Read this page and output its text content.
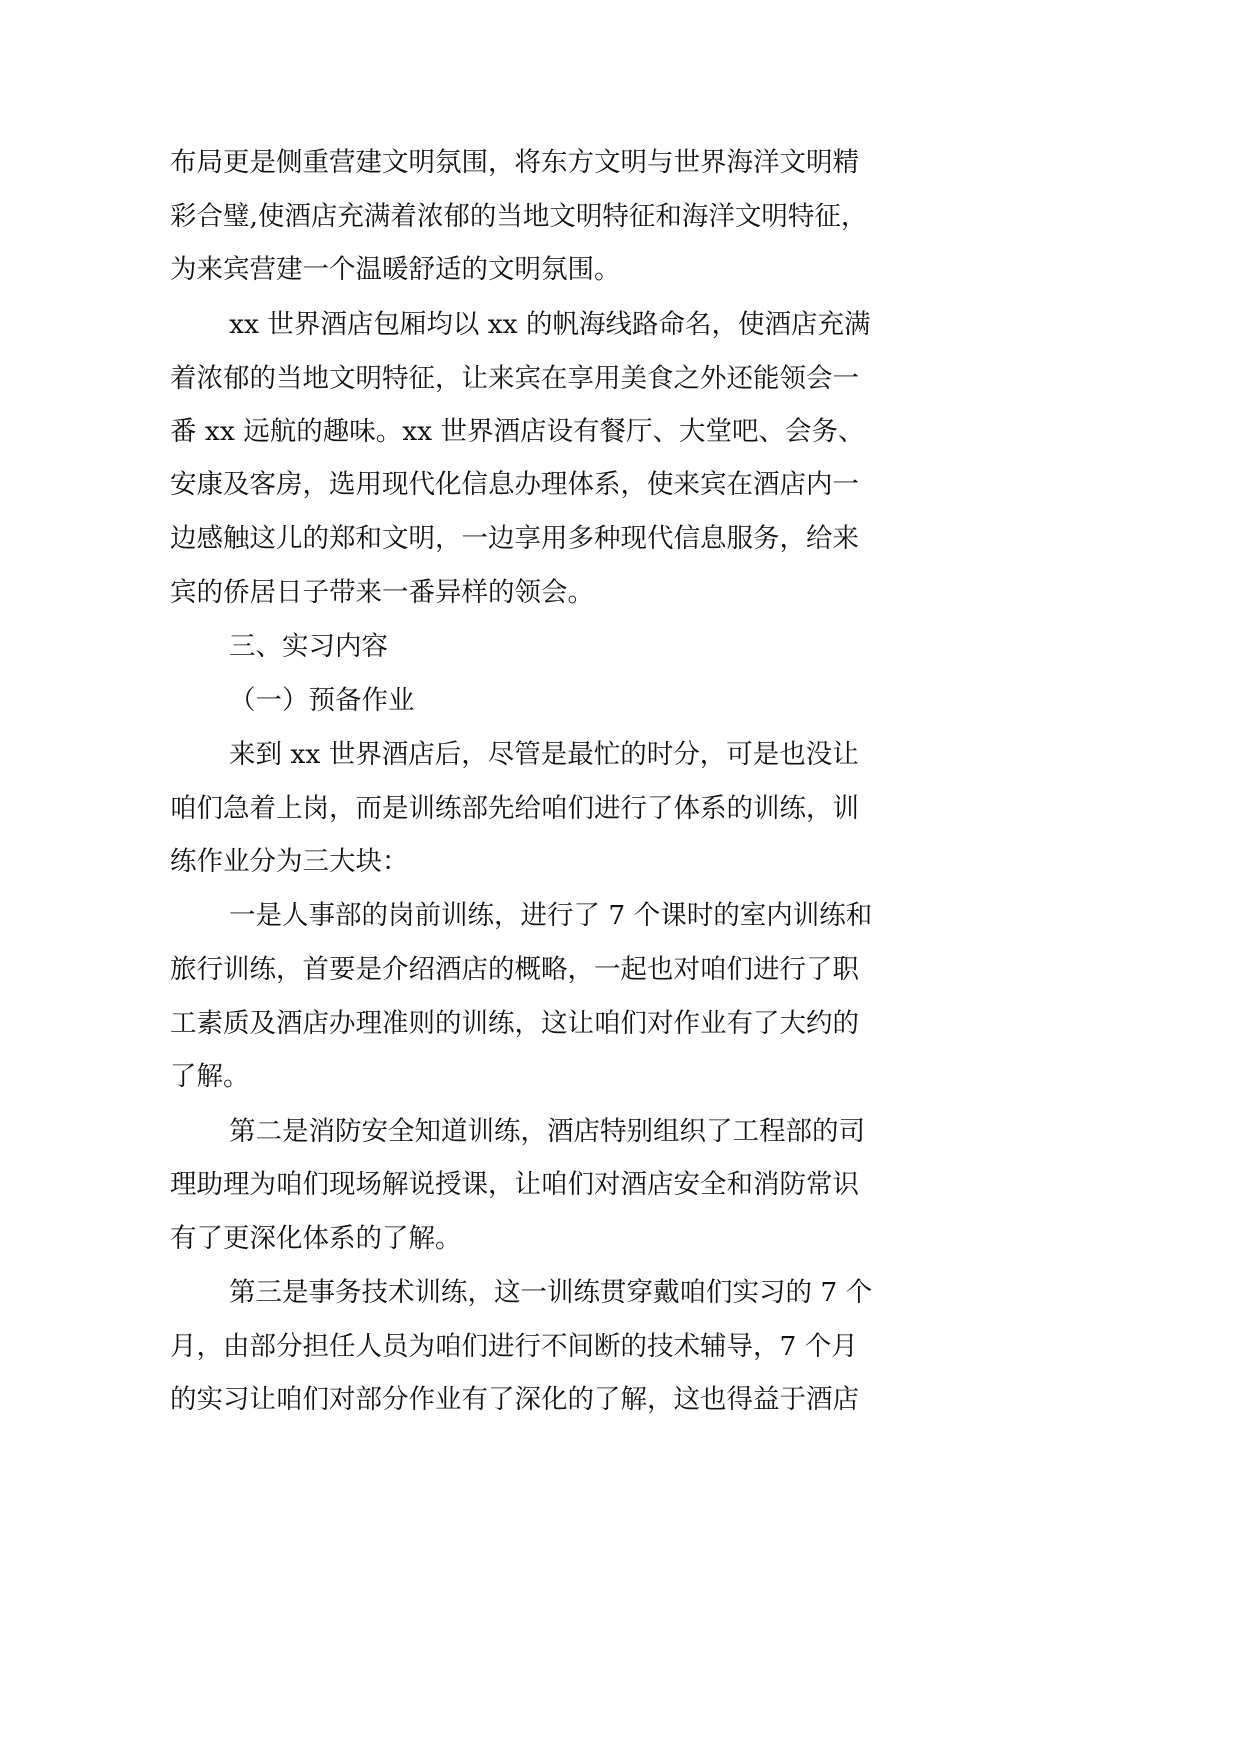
布局更是侧重营建文明氛围，将东方文明与世界海洋文明精
彩合璧,使酒店充满着浓郁的当地文明特征和海洋文明特征，
为来宾营建一个温暖舒适的文明氛围。
xx 世界酒店包厢均以 xx 的帆海线路命名，使酒店充满
着浓郁的当地文明特征，让来宾在享用美食之外还能领会一
番 xx 远航的趣味。xx 世界酒店设有餐厅、大堂吧、会务、
安康及客房，选用现代化信息办理体系，使来宾在酒店内一
边感触这儿的郑和文明，一边享用多种现代信息服务，给来
宾的侨居日子带来一番异样的领会。
三、实习内容
（一）预备作业
来到 xx 世界酒店后，尽管是最忙的时分，可是也没让
咱们急着上岗，而是训练部先给咱们进行了体系的训练，训
练作业分为三大块：
一是人事部的岗前训练，进行了 7 个课时的室内训练和
旅行训练，首要是介绍酒店的概略，一起也对咱们进行了职
工素质及酒店办理准则的训练，这让咱们对作业有了大约的
了解。
第二是消防安全知道训练，酒店特别组织了工程部的司
理助理为咱们现场解说授课，让咱们对酒店安全和消防常识
有了更深化体系的了解。
第三是事务技术训练，这一训练贯穿戴咱们实习的 7 个
月，由部分担任人员为咱们进行不间断的技术辅导，7 个月
的实习让咱们对部分作业有了深化的了解，这也得益于酒店
